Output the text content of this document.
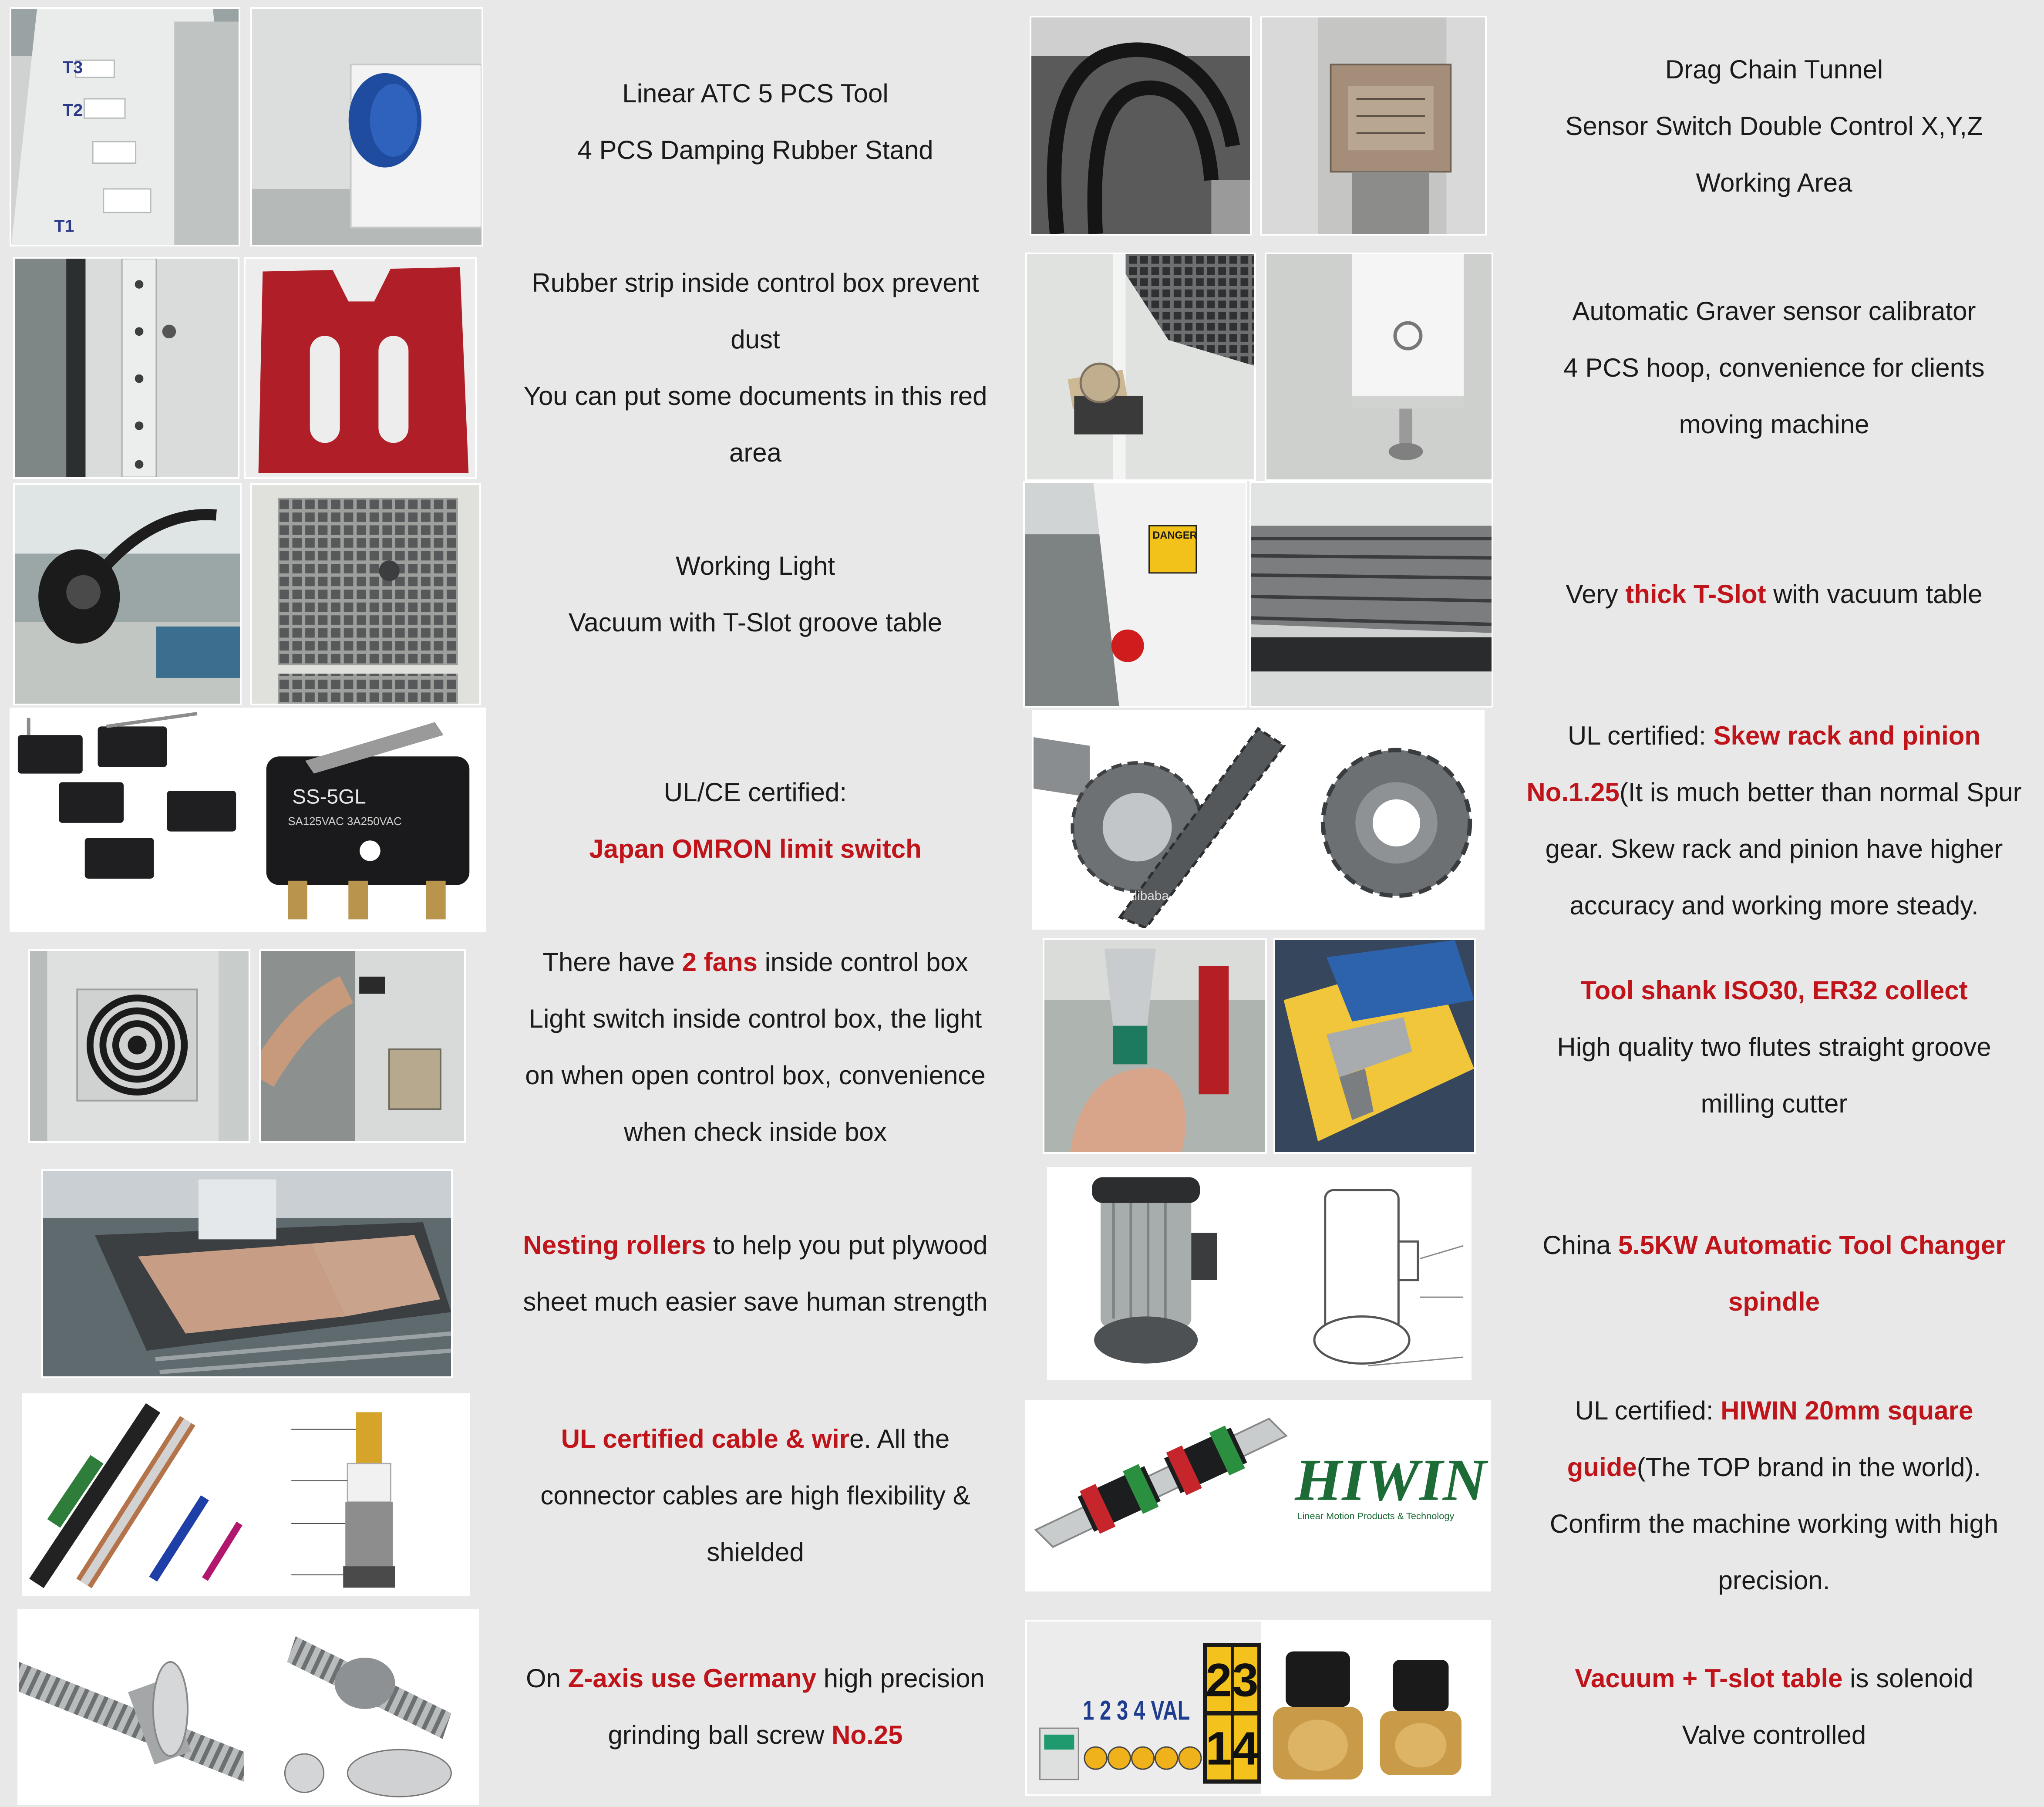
T3
T2
T1
SS-5GL
SA125VAC 3A250VAC
DANGER
vmadecnc.en.alibaba.com
HIWIN
Linear Motion Products & Technology
1 2 3 4 VAL
2 3
1 4

Linear ATC 5 PCS Tool

4 PCS Damping Rubber Stand

Rubber strip inside control box prevent

dust

You can put some documents in this red

area

Working Light

Vacuum with T-Slot groove table

UL/CE certified:

Japan OMRON limit switch

There have 2 fans inside control box

Light switch inside control box, the light

on when open control box, convenience

when check inside box

Nesting rollers to help you put plywood

sheet much easier save human strength

UL certified cable & wire. All the

connector cables are high flexibility &

shielded

On Z-axis use Germany high precision

grinding ball screw No.25

Drag Chain Tunnel

Sensor Switch Double Control X,Y,Z

Working Area

Automatic Graver sensor calibrator

4 PCS hoop, convenience for clients

moving machine

Very thick T-Slot with vacuum table

UL certified: Skew rack and pinion

No.1.25(It is much better than normal Spur

gear. Skew rack and pinion have higher

accuracy and working more steady.

Tool shank ISO30, ER32 collect

High quality two flutes straight groove

milling cutter

China 5.5KW Automatic Tool Changer

spindle

UL certified: HIWIN 20mm square

guide(The TOP brand in the world).

Confirm the machine working with high

precision.

Vacuum + T-slot table is solenoid

Valve controlled
